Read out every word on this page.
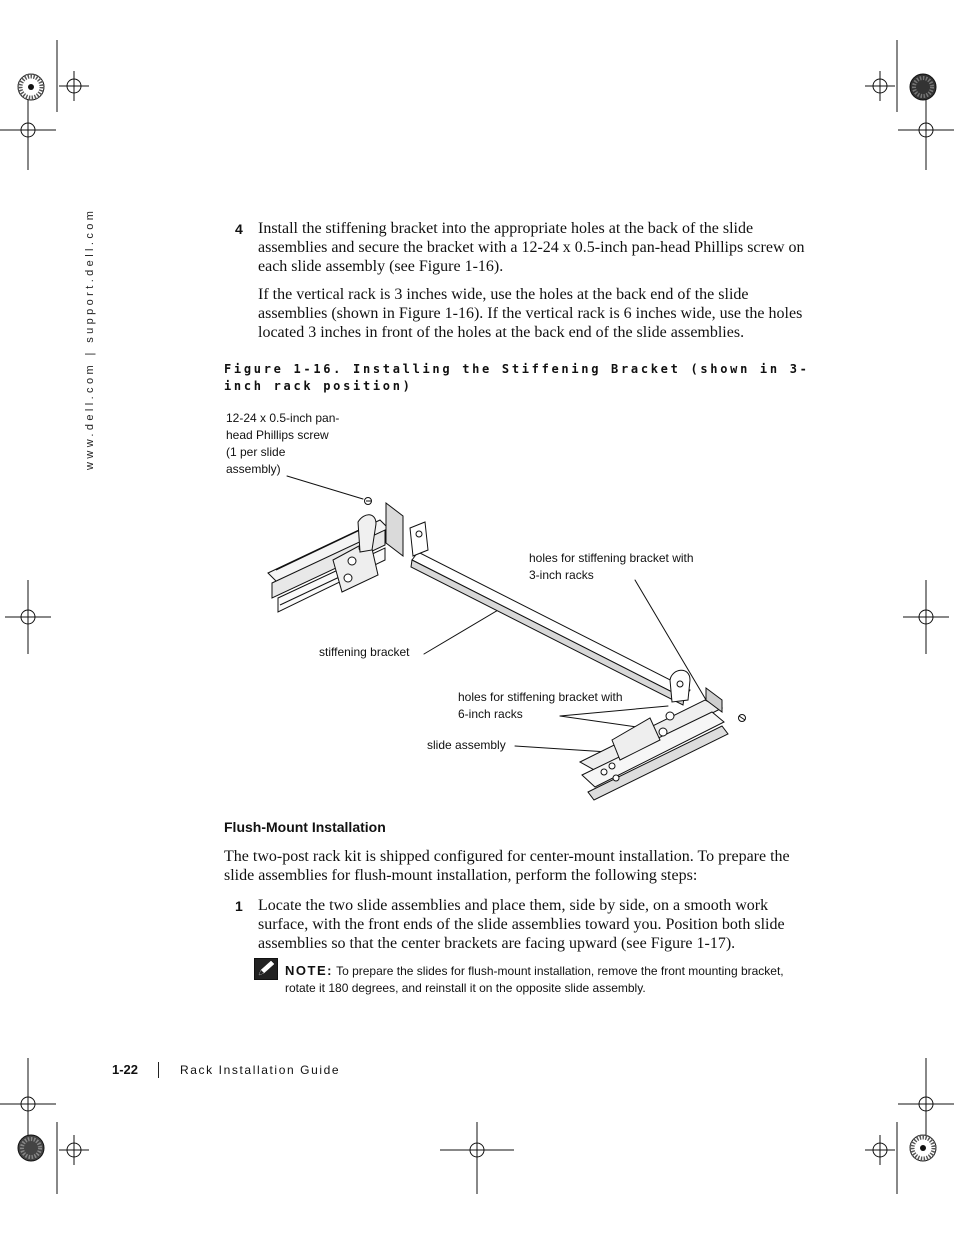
www.dell.com | support.dell.com	4 Install the stiffening bracket into the appropriate holes at the back of the slide assemblies and secure the bracket with a 12-24 x 0.5-inch pan-head Phillips screw on each slide assembly (see Figure 1-16).
If the vertical rack is 3 inches wide, use the holes at the back end of the slide assemblies (shown in Figure 1-16). If the vertical rack is 6 inches wide, use the holes located 3 inches in front of the holes at the back end of the slide assemblies.
Figure 1-16. Installing the Stiffening Bracket (shown in 3-inch rack position)
12-24 x 0.5-inch pan-head Phillips screw (1 per slide assembly)
holes for stiffening bracket with 3-inch racks
stiffening bracket
holes for stiffening bracket with 6-inch racks
slide assembly
Flush-Mount Installation
The two-post rack kit is shipped configured for center-mount installation. To prepare the slide assemblies for flush-mount installation, perform the following steps:
1 Locate the two slide assemblies and place them, side by side, on a smooth work surface, with the front ends of the slide assemblies toward you. Position both slide assemblies so that the center brackets are facing upward (see Figure 1-17).
NOTE: To prepare the slides for flush-mount installation, remove the front mounting bracket, rotate it 180 degrees, and reinstall it on the opposite slide assembly.
1-22	Rack Installation Guide
